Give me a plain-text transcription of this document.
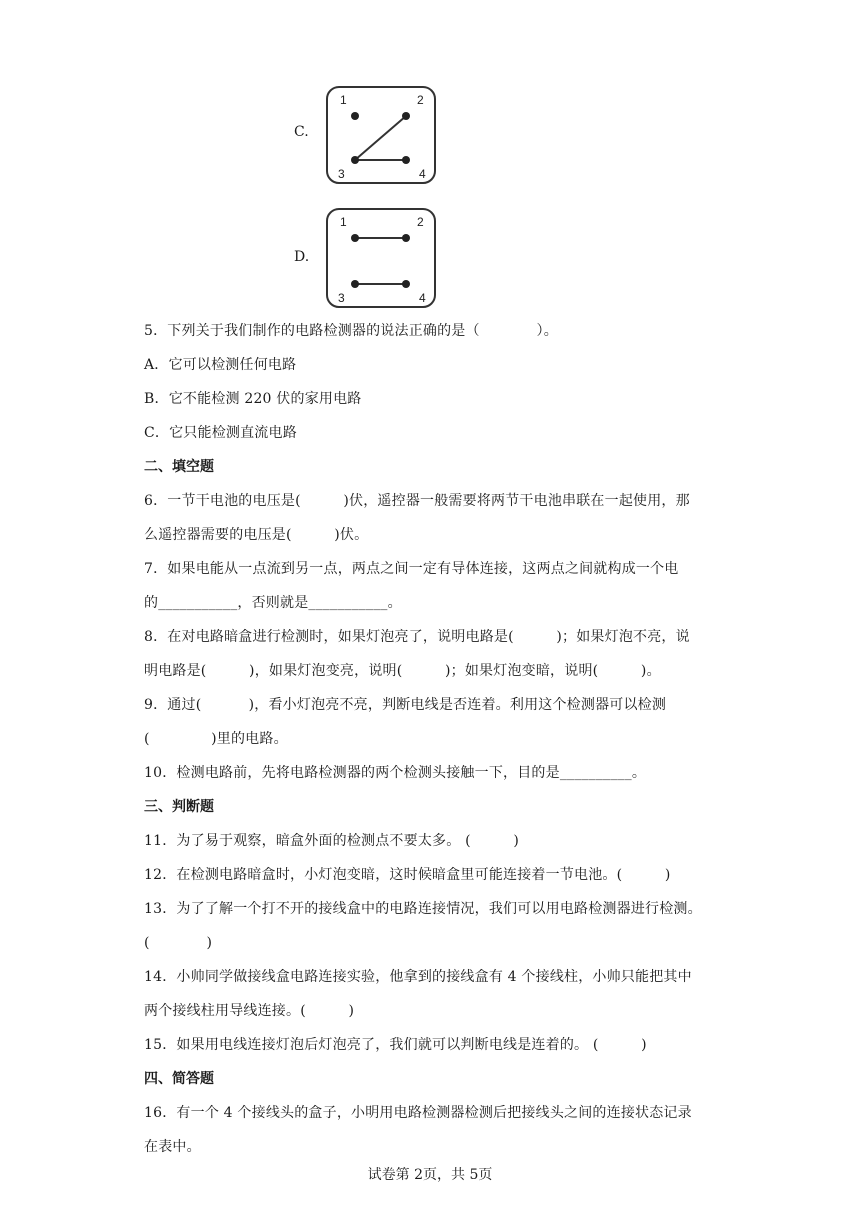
C.
1	2
3	4
D.
1	2
3	4
5．下列关于我们制作的电路检测器的说法正确的是（　　　　）。
A．它可以检测任何电路
B．它不能检测 220 伏的家用电路
C．它只能检测直流电路
二、填空题
6．一节干电池的电压是(　　　)伏，遥控器一般需要将两节干电池串联在一起使用，那
么遥控器需要的电压是(　　　)伏。
7．如果电能从一点流到另一点，两点之间一定有导体连接，这两点之间就构成一个电
的___________，否则就是___________。
8．在对电路暗盒进行检测时，如果灯泡亮了，说明电路是(　　　)；如果灯泡不亮，说
明电路是(　　　)，如果灯泡变亮，说明(　　　)；如果灯泡变暗，说明(　　　)。
9．通过(　　　 )，看小灯泡亮不亮，判断电线是否连着。利用这个检测器可以检测
(　　　　 )里的电路。
10．检测电路前，先将电路检测器的两个检测头接触一下，目的是__________。
三、判断题
11．为了易于观察，暗盒外面的检测点不要太多。 (　　　)
12．在检测电路暗盒时，小灯泡变暗，这时候暗盒里可能连接着一节电池。(　　　)
13．为了了解一个打不开的接线盒中的电路连接情况，我们可以用电路检测器进行检测。
(　　　　)
14．小帅同学做接线盒电路连接实验，他拿到的接线盒有 4 个接线柱，小帅只能把其中
两个接线柱用导线连接。(　　　)
15．如果用电线连接灯泡后灯泡亮了，我们就可以判断电线是连着的。 (　　　)
四、简答题
16．有一个 4 个接线头的盒子，小明用电路检测器检测后把接线头之间的连接状态记录
在表中。
试卷第 2页，共 5页
